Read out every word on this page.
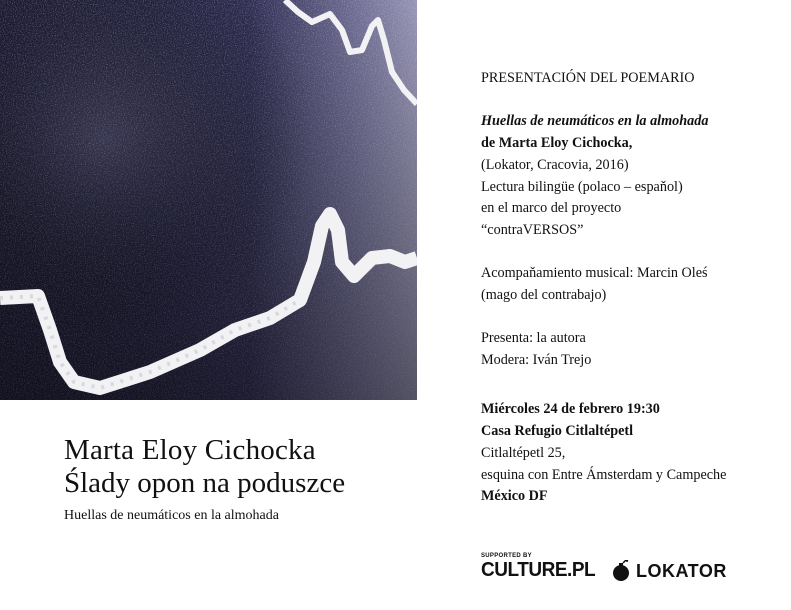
Marta Eloy Cichocka
Ślady opon na poduszce
Huellas de neumáticos en la almohada
PRESENTACIÓN DEL POEMARIO
Huellas de neumáticos en la almohada
de Marta Eloy Cichocka,
(Lokator, Cracovia, 2016)
Lectura bilingüe (polaco – espaňol)
en el marco del proyecto
“contraVERSOS”
Acompaňamiento musical: Marcin Oleś
(mago del contrabajo)
Presenta: la autora
Modera: Iván Trejo
Miércoles 24 de febrero 19:30
Casa Refugio Citlaltépetl
Citlaltépetl 25,
esquina con Entre Ámsterdam y Campeche
México DF
SUPPORTED BY
CULTURE.PL LOKATOR
